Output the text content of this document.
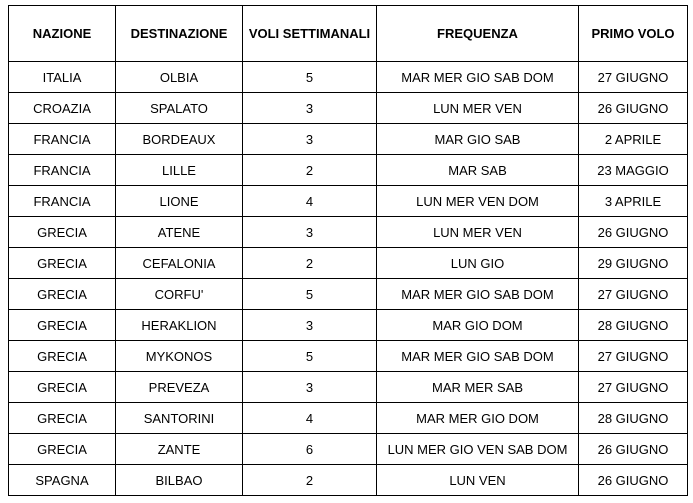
NAZIONE	DESTINAZIONE	VOLI SETTIMANALI	FREQUENZA	PRIMO VOLO
ITALIA	OLBIA	5	MAR MER GIO SAB DOM	27 GIUGNO
CROAZIA	SPALATO	3	LUN MER VEN	26 GIUGNO
FRANCIA	BORDEAUX	3	MAR GIO SAB	2 APRILE
FRANCIA	LILLE	2	MAR SAB	23 MAGGIO
FRANCIA	LIONE	4	LUN MER VEN DOM	3 APRILE
GRECIA	ATENE	3	LUN MER VEN	26 GIUGNO
GRECIA	CEFALONIA	2	LUN GIO	29 GIUGNO
GRECIA	CORFU'	5	MAR MER GIO SAB DOM	27 GIUGNO
GRECIA	HERAKLION	3	MAR GIO DOM	28 GIUGNO
GRECIA	MYKONOS	5	MAR MER GIO SAB DOM	27 GIUGNO
GRECIA	PREVEZA	3	MAR MER SAB	27 GIUGNO
GRECIA	SANTORINI	4	MAR MER GIO DOM	28 GIUGNO
GRECIA	ZANTE	6	LUN MER GIO VEN SAB DOM	26 GIUGNO
SPAGNA	BILBAO	2	LUN VEN	26 GIUGNO
